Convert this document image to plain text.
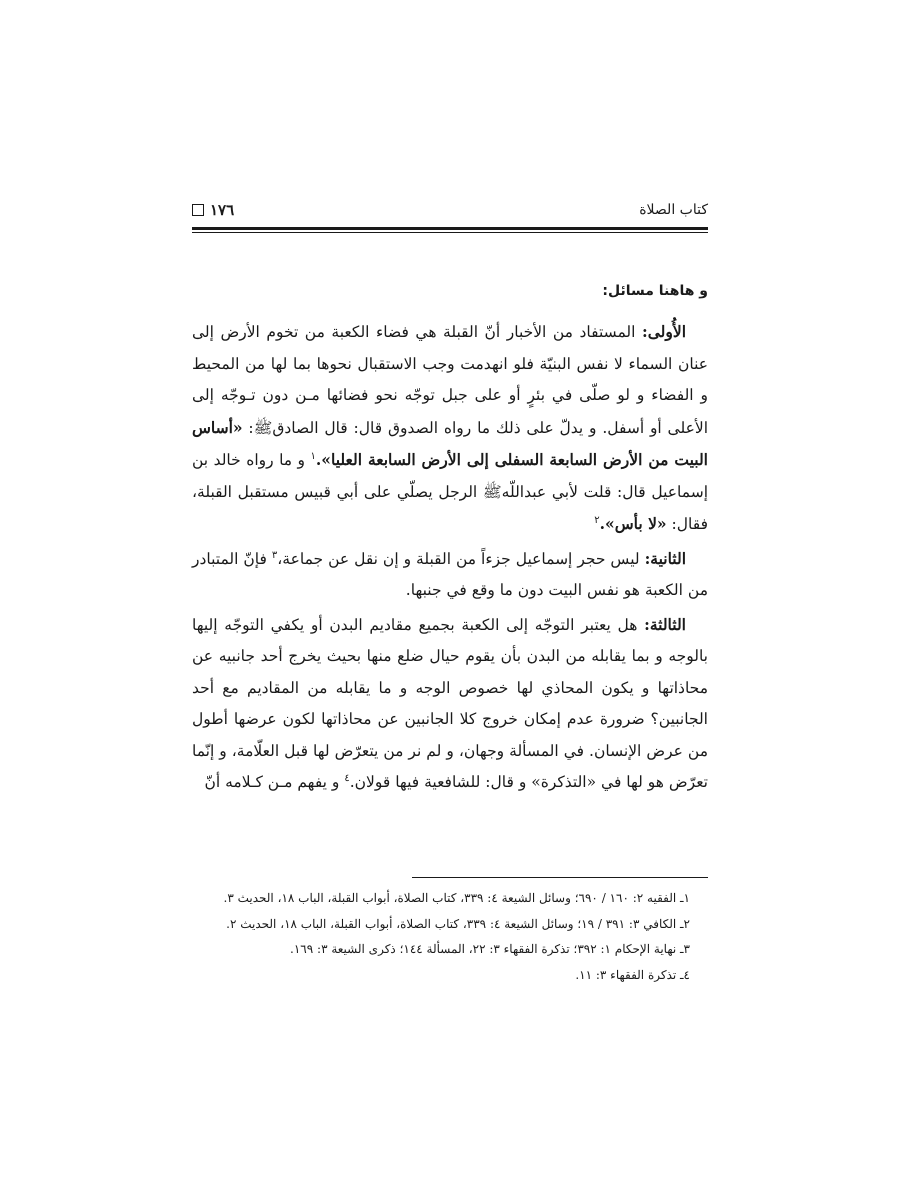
كتاب الصلاة
١٧٦

و هاهنا مسائل:

الأُولى: المستفاد من الأخبار أنّ القبلة هي فضاء الكعبة من تخوم الأرض إلى عنان السماء لا نفس البنيّة فلو انهدمت وجب الاستقبال نحوها بما لها من المحيط و الفضاء و لو صلّى في بئرٍ أو على جبل توجّه نحو فضائها مـن دون تـوجّه إلى الأعلى أو أسفل. و يدلّ على ذلك ما رواه الصدوق قال: قال الصادقﷺ: «أساس البيت من الأرض السابعة السفلى إلى الأرض السابعة العليا».$^١$ و ما رواه خالد بن إسماعيل قال: قلت لأبي عبداللّهﷺ الرجل يصلّي على أبي قبيس مستقبل القبلة، فقال: «لا بأس».$^٢$

الثانية: ليس حجر إسماعيل جزءاً من القبلة و إن نقل عن جماعة،$^٣$ فإنّ المتبادر من الكعبة هو نفس البيت دون ما وقع في جنبها.

الثالثة: هل يعتبر التوجّه إلى الكعبة بجميع مقاديم البدن أو يكفي التوجّه إليها بالوجه و بما يقابله من البدن بأن يقوم حيال ضلع منها بحيث يخرج أحد جانبيه عن محاذاتها و يكون المحاذي لها خصوص الوجه و ما يقابله من المقاديم مع أحد الجانبين؟ ضرورة عدم إمكان خروج كلا الجانبين عن محاذاتها لكون عرضها أطول من عرض الإنسان. في المسألة وجهان، و لم نر من يتعرّض لها قبل العلّامة، و إنّما تعرّض هو لها في «التذكرة» و قال: للشافعية فيها قولان.$^٤$ و يفهم مـن كـلامه أنّ

١ـ الفقيه ٢: ١٦٠ / ٦٩٠؛ وسائل الشيعة ٤: ٣٣٩، كتاب الصلاة، أبواب القبلة، الباب ١٨، الحديث ٣.

٢ـ الكافي ٣: ٣٩١ / ١٩؛ وسائل الشيعة ٤: ٣٣٩، كتاب الصلاة، أبواب القبلة، الباب ١٨، الحديث ٢.

٣ـ نهاية الإحكام ١: ٣٩٢؛ تذكرة الفقهاء ٣: ٢٢، المسألة ١٤٤؛ ذكرى الشيعة ٣: ١٦٩.

٤ـ تذكرة الفقهاء ٣: ١١.
